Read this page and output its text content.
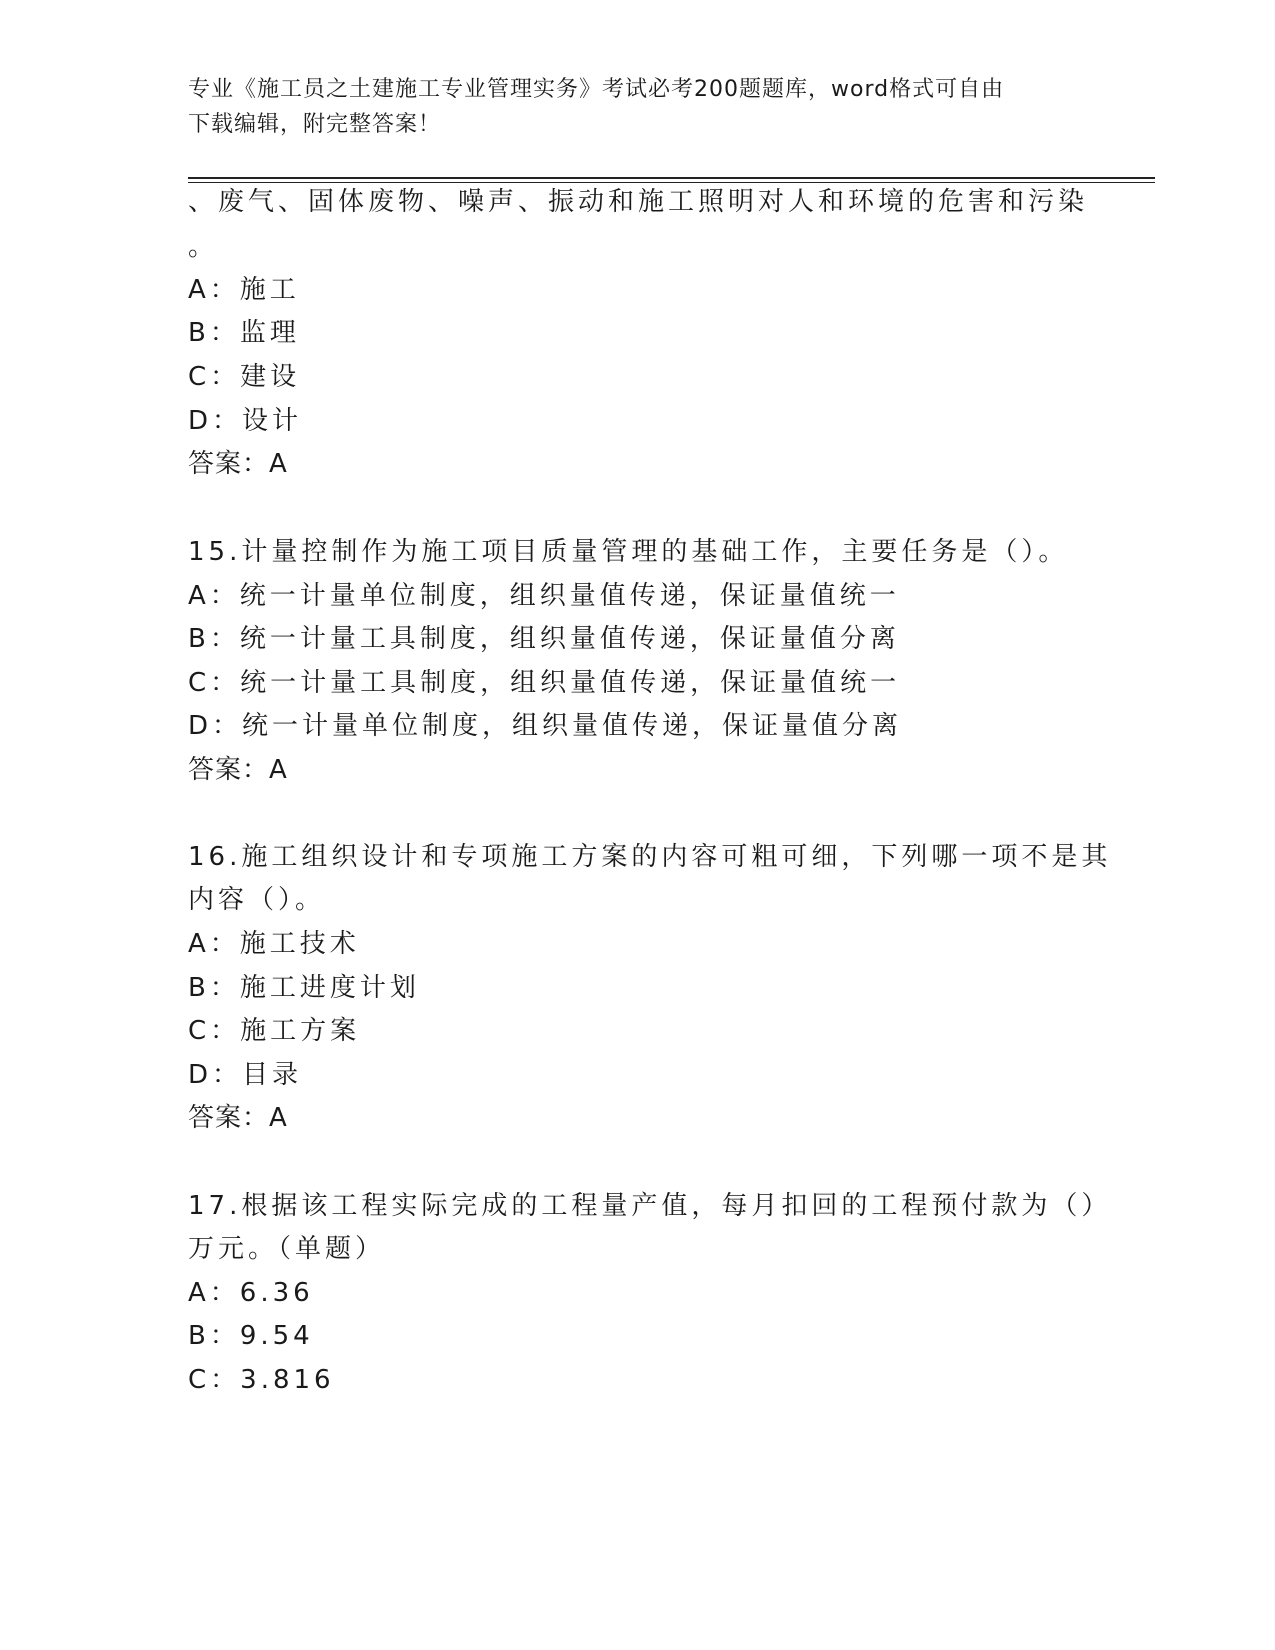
专业《施工员之土建施工专业管理实务》考试必考200题题库，word格式可自由
下载编辑，附完整答案！
、废气、固体废物、噪声、振动和施工照明对人和环境的危害和污染
。
A：施工
B：监理
C：建设
D：设计
答案：A
15.计量控制作为施工项目质量管理的基础工作，主要任务是（）。
A：统一计量单位制度，组织量值传递，保证量值统一
B：统一计量工具制度，组织量值传递，保证量值分离
C：统一计量工具制度，组织量值传递，保证量值统一
D：统一计量单位制度，组织量值传递，保证量值分离
答案：A
16.施工组织设计和专项施工方案的内容可粗可细，下列哪一项不是其
内容（）。
A：施工技术
B：施工进度计划
C：施工方案
D：目录
答案：A
17.根据该工程实际完成的工程量产值，每月扣回的工程预付款为（）
万元。（单题）
A：6.36
B：9.54
C：3.816
